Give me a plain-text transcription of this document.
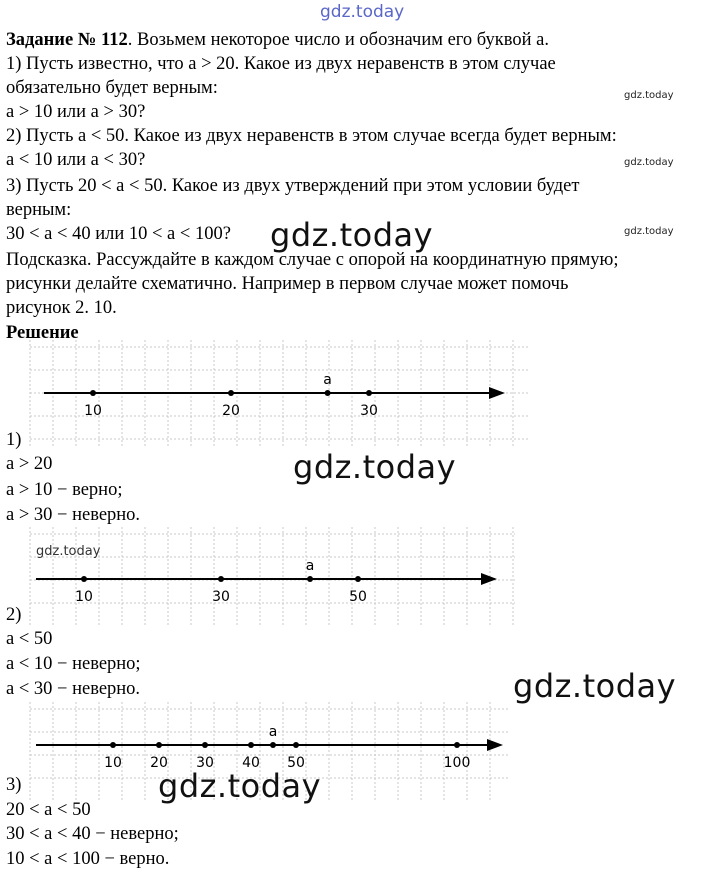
gdz.today
gdz.today
gdz.today
gdz.today
Задание № 112. Возьмем некоторое число и обозначим его буквой a.
1) Пусть известно, что a > 20. Какое из двух неравенств в этом случае
обязательно будет верным:
a > 10 или a > 30?
2) Пусть a < 50. Какое из двух неравенств в этом случае всегда будет верным:
a < 10 или a < 30?
3) Пусть 20 < a < 50. Какое из двух утверждений при этом условии будет
верным:
30 < a < 40 или 10 < a < 100? gdz.today
Подсказка. Рассуждайте в каждом случае с опорой на координатную прямую;
рисунки делайте схематично. Например в первом случае может помочь
рисунок 2. 10.
Решение
10	20	30
a
1)
a > 20	gdz.today
a > 10 − верно;
a > 30 − неверно.
10	30	50
a
gdz.today
2)
a < 50
a < 10 − неверно;
a < 30 − неверно.	gdz.today
10 20 30 40 50	100
a
3)	gdz.today
20 < a < 50
30 < a < 40 − неверно;
10 < a < 100 − верно.
